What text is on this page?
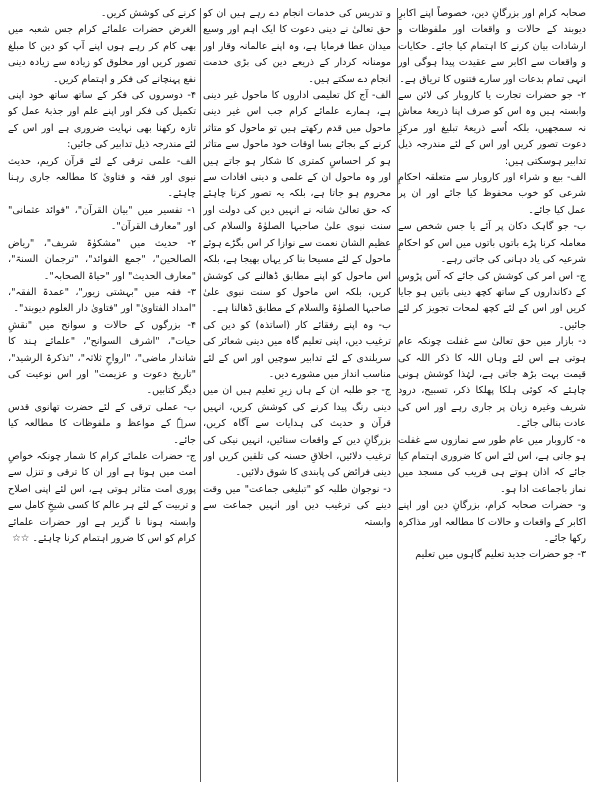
صحابہ کرام اور بزرگانِ دین، خصوصاً اپنے اکابرِ دیوبند کے حالات و واقعات اور ملفوظات و ارشادات بیان کرنے کا اہتمام کیا جائے۔ حکایات و واقعات سے اکابر سے عقیدت پیدا ہوگی اور انہی تمام بدعات اور سارے فتنوں کا تریاق ہے۔

۲- جو حضرات تجارت یا کاروبار کی لائن سے وابستہ ہیں وہ اس کو صرف اپنا ذریعۂ معاش نہ سمجھیں، بلکہ اُسے ذریعۂ تبلیغ اور مرکزِ دعوت تصور کریں اور اس کے لئے مندرجہ ذیل تدابیر ہوسکتی ہیں:

الف- بیع و شراء اور کاروبار سے متعلقہ احکامِ شرعی کو خوب محفوظ کیا جائے اور ان پر عمل کیا جائے۔

ب- جو گاہک دکان پر آئے یا جس شخص سے معاملہ کرنا پڑے باتوں باتوں میں اس کو احکامِ شرعیہ کی یاد دہانی کی جاتی رہے۔

ج- اس امر کی کوشش کی جائے کہ آس پڑوس کے دکانداروں کے ساتھ کچھ دینی باتیں ہو جایا کریں اور اس کے لئے کچھ لمحات تجویز کر لئے جائیں۔

د- بازار میں حق تعالیٰ سے غفلت چونکہ عام ہوتی ہے اس لئے وہاں اللہ کا ذکر اللہ کی قیمت بہت بڑھ جاتی ہے، لہٰذا کوشش ہونی چاہئے کہ کوئی ہلکا پھلکا ذکر، تسبیح، درود شریف وغیرہ زبان پر جاری رہے اور اس کی عادت بنالی جائے۔

ہ- کاروبار میں عام طور سے نمازوں سے غفلت ہو جاتی ہے، اس لئے اس کا ضروری اہتمام کیا جائے کہ اذان ہوتے ہی قریب کی مسجد میں نماز باجماعت ادا ہو۔

و- حضرات صحابہ کرام، بزرگانِ دین اور اپنے اکابر کے واقعات و حالات کا مطالعہ اور مذاکرہ رکھا جائے۔

۳- جو حضرات جدید تعلیم گاہوں میں تعلیم

و تدریس کی خدمات انجام دے رہے ہیں ان کو حق تعالیٰ نے دینی دعوت کا ایک اہم اور وسیع میدان عطا فرمایا ہے، وہ اپنے عالمانہ وقار اور مومنانہ کردار کے ذریعے دین کی بڑی خدمت انجام دے سکتے ہیں۔

الف- آج کل تعلیمی اداروں کا ماحول غیر دینی ہے، ہمارے علمائے کرام جب اس غیر دینی ماحول میں قدم رکھتے ہیں تو ماحول کو متاثر کرنے کے بجائے بسا اوقات خود ماحول سے متاثر ہو کر احساسِ کمتری کا شکار ہو جاتے ہیں اور وہ ماحول ان کے علمی و دینی افادات سے محروم ہو جاتا ہے، بلکہ یہ تصور کرنا چاہئے کہ حق تعالیٰ شانہ نے انہیں دین کی دولت اور سنت نبوی علیٰ صاحبہا الصلوٰۃ والسلام کی عظیم الشان نعمت سے نوازا کر اس بگڑے ہوئے ماحول کے لئے مسیحا بنا کر یہاں بھیجا ہے، بلکہ اس ماحول کو اپنے مطابق ڈھالنے کی کوشش کریں، بلکہ اس ماحول کو سنت نبوی علیٰ صاحبہا الصلوٰۃ والسلام کے مطابق ڈھالنا ہے۔

ب- وہ اپنے رفقائے کار (اساتذہ) کو دین کی ترغیب دیں، اپنی تعلیم گاہ میں دینی شعائر کی سربلندی کے لئے تدابیر سوچیں اور اس کے لئے مناسب انداز میں مشورے دیں۔

ج- جو طلبہ ان کے ہاں زیرِ تعلیم ہیں ان میں دینی رنگ پیدا کرنے کی کوشش کریں، انہیں قرآن و حدیث کی ہدایات سے آگاہ کریں، بزرگانِ دین کے واقعات سنائیں، انہیں نیکی کی ترغیب دلائیں، اخلاقِ حسنہ کی تلقین کریں اور دینی فرائض کی پابندی کا شوق دلائیں۔

د- نوجوان طلبہ کو "تبلیغی جماعت" میں وقت دینے کی ترغیب دیں اور انہیں جماعت سے وابستہ

کرنے کی کوشش کریں۔

الغرض حضرات علمائے کرام جس شعبہ میں بھی کام کر رہے ہوں اپنے آپ کو دین کا مبلغ تصور کریں اور مخلوق کو زیادہ سے زیادہ دینی نفع پہنچانے کی فکر و اہتمام کریں۔

۴- دوسروں کی فکر کے ساتھ ساتھ خود اپنی تکمیل کی فکر اور اپنے علم اور جذبۂ عمل کو تازہ رکھنا بھی نہایت ضروری ہے اور اس کے لئے مندرجہ ذیل تدابیر کی جائیں:

الف- علمی ترقی کے لئے قرآن کریم، حدیث نبوی اور فقہ و فتاویٰ کا مطالعہ جاری رہنا چاہئے۔

۱- تفسیر میں "بیان القرآن"، "فوائد عثمانی" اور "معارف القرآن"۔

۲- حدیث میں "مشکوٰۃ شریف"، "ریاض الصالحین"، "جمع الفوائد"، "ترجمان السنۃ"، "معارف الحدیث" اور "حیاۃ الصحابہ"۔

۳- فقہ میں "بہشتی زیور"، "عمدۃ الفقہ"، "امداد الفتاویٰ" اور "فتاویٰ دار العلوم دیوبند"۔

۴- بزرگوں کے حالات و سوانح میں "نقشِ حیات"، "اشرف السوانح"، "علمائے ہند کا شاندار ماضی"، "ارواحِ ثلاثہ"، "تذکرۃ الرشید"، "تاریخ دعوت و عزیمت" اور اس نوعیت کی دیگر کتابیں۔

ب- عملی ترقی کے لئے حضرت تھانوی قدس سرہٗ کے مواعظ و ملفوظات کا مطالعہ کیا جائے۔

ج- حضرات علمائے کرام کا شمار چونکہ خواصِ امت میں ہوتا ہے اور ان کا ترقی و تنزل سے پوری امت متاثر ہوتی ہے، اس لئے اپنی اصلاح و تربیت کے لئے ہر عالم کا کسی شیخِ کامل سے وابستہ ہونا نا گزیر ہے اور حضرات علمائے کرام کو اس کا ضرور اہتمام کرنا چاہئے۔ ☆☆
